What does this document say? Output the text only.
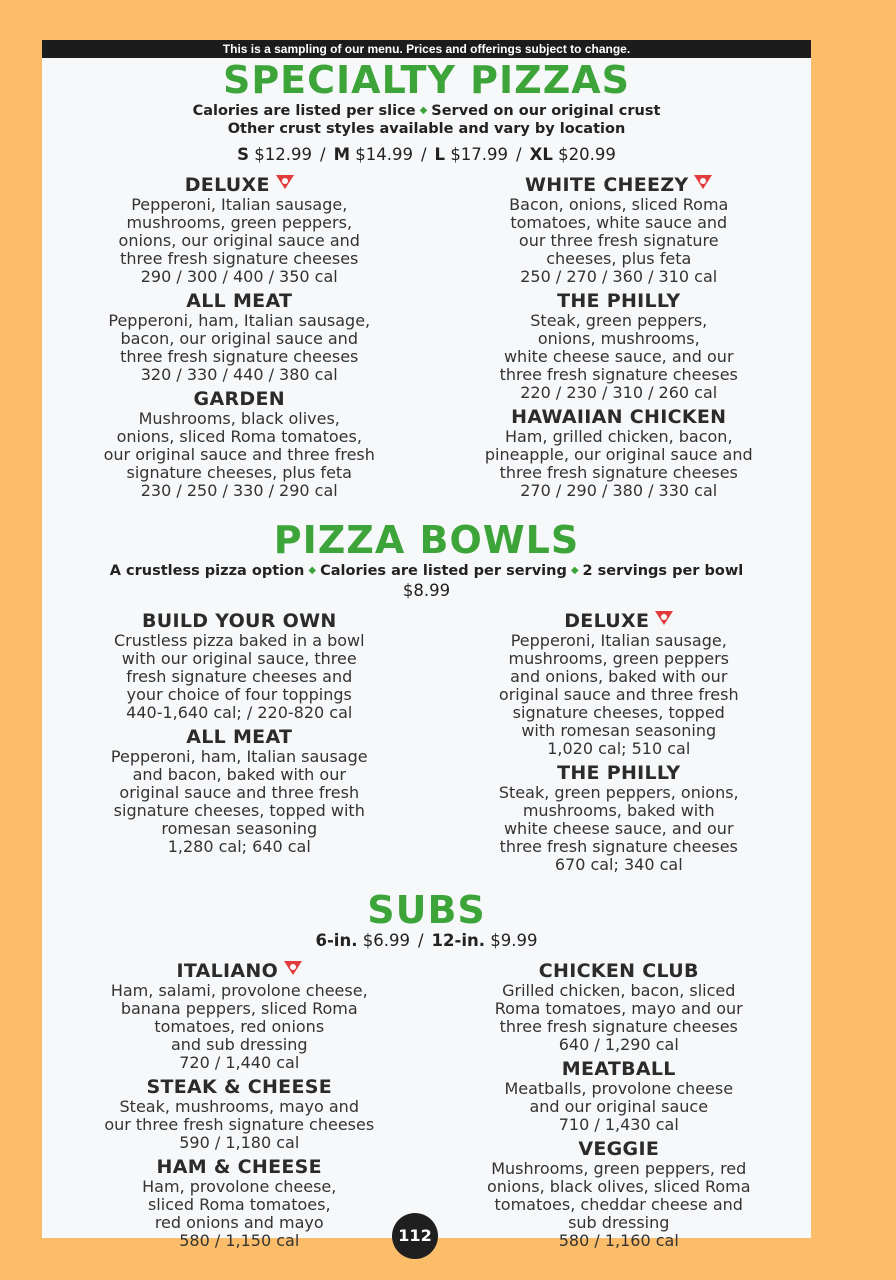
This is a sampling of our menu. Prices and offerings subject to change.
SPECIALTY PIZZAS
Calories are listed per slice ◆ Served on our original crust
Other crust styles available and vary by location
S $12.99 / M $14.99 / L $17.99 / XL $20.99
DELUXE
Pepperoni, Italian sausage,
mushrooms, green peppers,
onions, our original sauce and
three fresh signature cheeses
290 / 300 / 400 / 350 cal
ALL MEAT
Pepperoni, ham, Italian sausage,
bacon, our original sauce and
three fresh signature cheeses
320 / 330 / 440 / 380 cal
GARDEN
Mushrooms, black olives,
onions, sliced Roma tomatoes,
our original sauce and three fresh
signature cheeses, plus feta
230 / 250 / 330 / 290 cal
WHITE CHEEZY
Bacon, onions, sliced Roma
tomatoes, white sauce and
our three fresh signature
cheeses, plus feta
250 / 270 / 360 / 310 cal
THE PHILLY
Steak, green peppers,
onions, mushrooms,
white cheese sauce, and our
three fresh signature cheeses
220 / 230 / 310 / 260 cal
HAWAIIAN CHICKEN
Ham, grilled chicken, bacon,
pineapple, our original sauce and
three fresh signature cheeses
270 / 290 / 380 / 330 cal
PIZZA BOWLS
A crustless pizza option ◆ Calories are listed per serving ◆ 2 servings per bowl
$8.99
BUILD YOUR OWN
Crustless pizza baked in a bowl
with our original sauce, three
fresh signature cheeses and
your choice of four toppings
440-1,640 cal; / 220-820 cal
ALL MEAT
Pepperoni, ham, Italian sausage
and bacon, baked with our
original sauce and three fresh
signature cheeses, topped with
romesan seasoning
1,280 cal; 640 cal
DELUXE
Pepperoni, Italian sausage,
mushrooms, green peppers
and onions, baked with our
original sauce and three fresh
signature cheeses, topped
with romesan seasoning
1,020 cal; 510 cal
THE PHILLY
Steak, green peppers, onions,
mushrooms, baked with
white cheese sauce, and our
three fresh signature cheeses
670 cal; 340 cal
SUBS
6-in. $6.99 / 12-in. $9.99
ITALIANO
Ham, salami, provolone cheese,
banana peppers, sliced Roma
tomatoes, red onions
and sub dressing
720 / 1,440 cal
STEAK & CHEESE
Steak, mushrooms, mayo and
our three fresh signature cheeses
590 / 1,180 cal
HAM & CHEESE
Ham, provolone cheese,
sliced Roma tomatoes,
red onions and mayo
580 / 1,150 cal
CHICKEN CLUB
Grilled chicken, bacon, sliced
Roma tomatoes, mayo and our
three fresh signature cheeses
640 / 1,290 cal
MEATBALL
Meatballs, provolone cheese
and our original sauce
710 / 1,430 cal
VEGGIE
Mushrooms, green peppers, red
onions, black olives, sliced Roma
tomatoes, cheddar cheese and
sub dressing
580 / 1,160 cal
112
